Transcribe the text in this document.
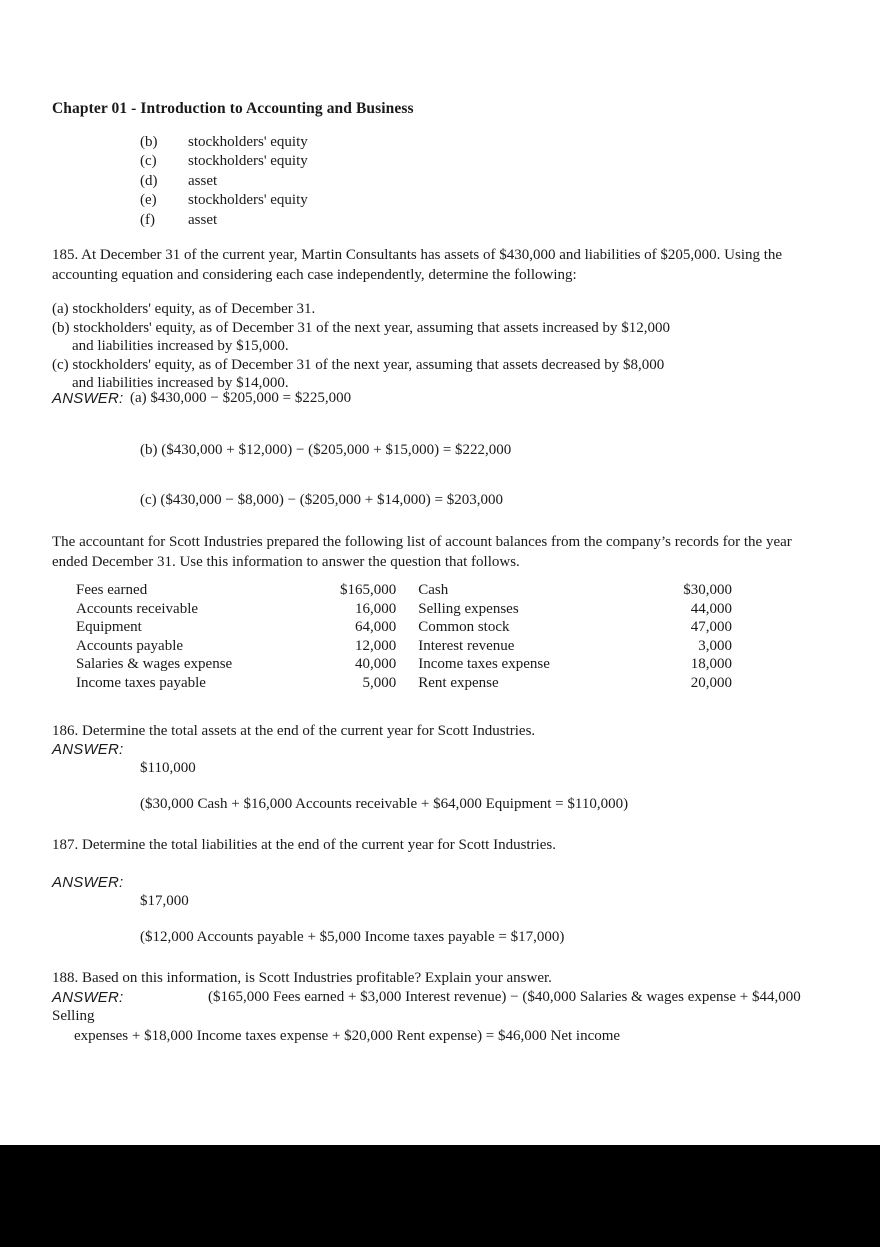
Chapter 01 - Introduction to Accounting and Business
(b)	stockholders' equity
(c)	stockholders' equity
(d)	asset
(e)	stockholders' equity
(f)	asset
185. At December 31 of the current year, Martin Consultants has assets of $430,000 and liabilities of $205,000. Using the
accounting equation and considering each case independently, determine the following:
(a) stockholders' equity, as of December 31.
(b) stockholders' equity, as of December 31 of the next year, assuming that assets increased by $12,000
and liabilities increased by $15,000.
(c) stockholders' equity, as of December 31 of the next year, assuming that assets decreased by $8,000
and liabilities increased by $14,000.
ANSWER: (a) $430,000 − $205,000 = $225,000
(b) ($430,000 + $12,000) − ($205,000 + $15,000) = $222,000
(c) ($430,000 − $8,000) − ($205,000 + $14,000) = $203,000
The accountant for Scott Industries prepared the following list of account balances from the company’s records for the year ended December 31. Use this information to answer the question that follows.
Fees earned	$165,000	Cash	$30,000
Accounts receivable	16,000	Selling expenses	44,000
Equipment	64,000	Common stock	47,000
Accounts payable	12,000	Interest revenue	3,000
Salaries & wages expense	40,000	Income taxes expense	18,000
Income taxes payable	5,000	Rent expense	20,000
186. Determine the total assets at the end of the current year for Scott Industries.
ANSWER:
$110,000
($30,000 Cash + $16,000 Accounts receivable + $64,000 Equipment = $110,000)
187. Determine the total liabilities at the end of the current year for Scott Industries.
ANSWER:
$17,000
($12,000 Accounts payable + $5,000 Income taxes payable = $17,000)
188. Based on this information, is Scott Industries profitable? Explain your answer.
ANSWER:	($165,000 Fees earned + $3,000 Interest revenue) − ($40,000 Salaries & wages expense + $44,000 Selling
expenses + $18,000 Income taxes expense + $20,000 Rent expense) = $46,000 Net income
